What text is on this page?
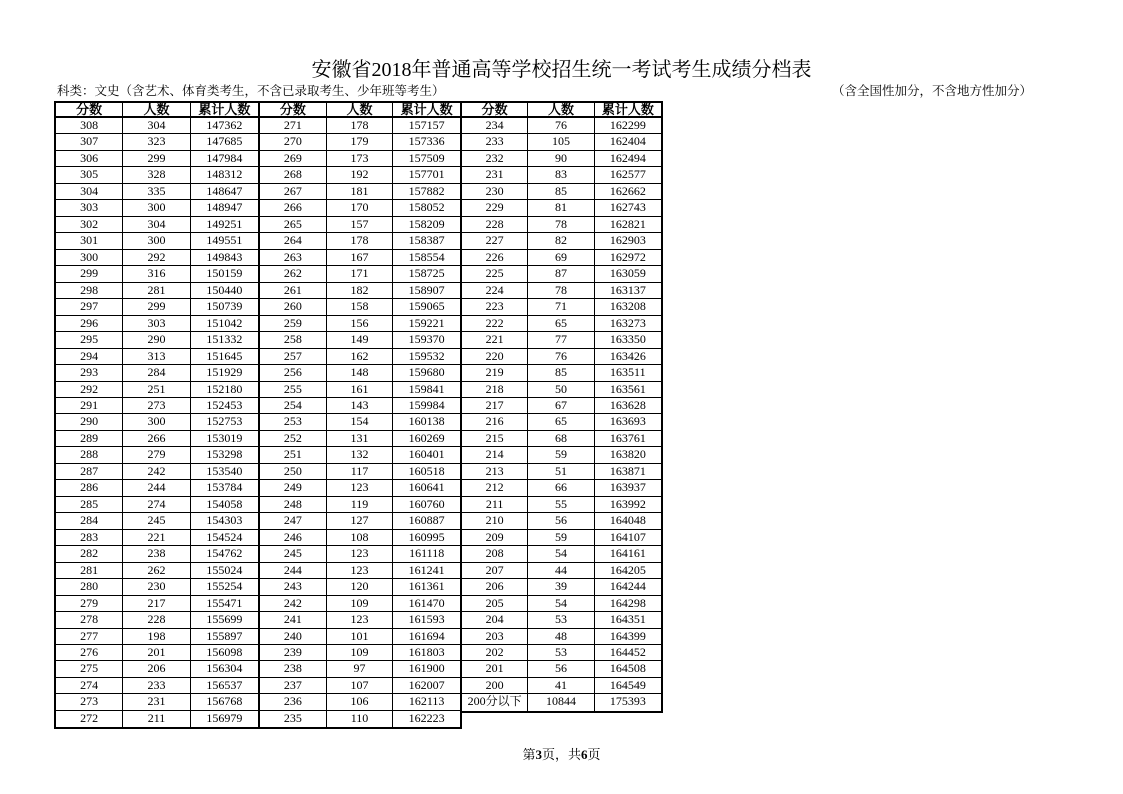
安徽省2018年普通高等学校招生统一考试考生成绩分档表
科类：文史（含艺术、体育类考生，不含已录取考生、少年班等考生）	（含全国性加分，不含地方性加分）
分数	人数	累计人数
308	304	147362
307	323	147685
306	299	147984
305	328	148312
304	335	148647
303	300	148947
302	304	149251
301	300	149551
300	292	149843
299	316	150159
298	281	150440
297	299	150739
296	303	151042
295	290	151332
294	313	151645
293	284	151929
292	251	152180
291	273	152453
290	300	152753
289	266	153019
288	279	153298
287	242	153540
286	244	153784
285	274	154058
284	245	154303
283	221	154524
282	238	154762
281	262	155024
280	230	155254
279	217	155471
278	228	155699
277	198	155897
276	201	156098
275	206	156304
274	233	156537
273	231	156768
272	211	156979
分数	人数	累计人数
271	178	157157
270	179	157336
269	173	157509
268	192	157701
267	181	157882
266	170	158052
265	157	158209
264	178	158387
263	167	158554
262	171	158725
261	182	158907
260	158	159065
259	156	159221
258	149	159370
257	162	159532
256	148	159680
255	161	159841
254	143	159984
253	154	160138
252	131	160269
251	132	160401
250	117	160518
249	123	160641
248	119	160760
247	127	160887
246	108	160995
245	123	161118
244	123	161241
243	120	161361
242	109	161470
241	123	161593
240	101	161694
239	109	161803
238	97	161900
237	107	162007
236	106	162113
235	110	162223
分数	人数	累计人数
234	76	162299
233	105	162404
232	90	162494
231	83	162577
230	85	162662
229	81	162743
228	78	162821
227	82	162903
226	69	162972
225	87	163059
224	78	163137
223	71	163208
222	65	163273
221	77	163350
220	76	163426
219	85	163511
218	50	163561
217	67	163628
216	65	163693
215	68	163761
214	59	163820
213	51	163871
212	66	163937
211	55	163992
210	56	164048
209	59	164107
208	54	164161
207	44	164205
206	39	164244
205	54	164298
204	53	164351
203	48	164399
202	53	164452
201	56	164508
200	41	164549
200分以下	10844	175393
第3页，共6页
